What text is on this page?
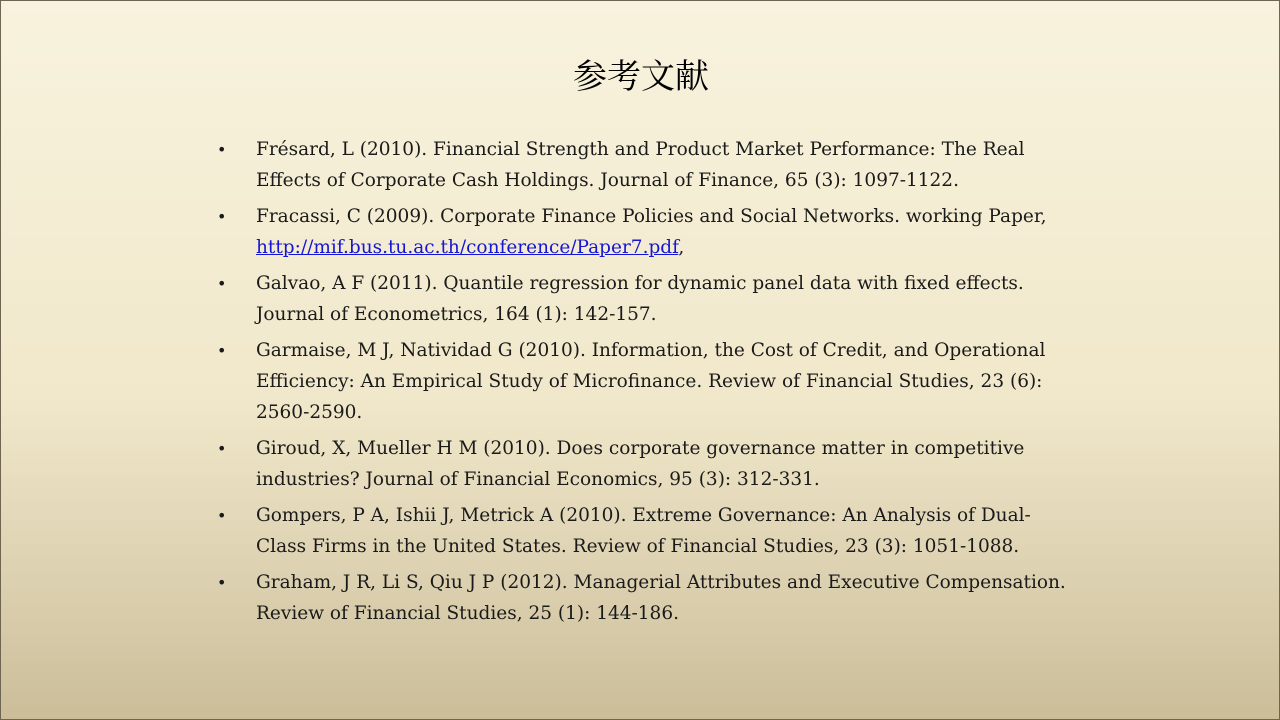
参考文献
• Frésard, L (2010). Financial Strength and Product Market Performance: The Real Effects of Corporate Cash Holdings. Journal of Finance, 65 (3): 1097-1122.
• Fracassi, C (2009). Corporate Finance Policies and Social Networks. working Paper, http://mif.bus.tu.ac.th/conference/Paper7.pdf,
• Galvao, A F (2011). Quantile regression for dynamic panel data with fixed effects. Journal of Econometrics, 164 (1): 142-157.
• Garmaise, M J, Natividad G (2010). Information, the Cost of Credit, and Operational Efficiency: An Empirical Study of Microfinance. Review of Financial Studies, 23 (6): 2560-2590.
• Giroud, X, Mueller H M (2010). Does corporate governance matter in competitive industries? Journal of Financial Economics, 95 (3): 312-331.
• Gompers, P A, Ishii J, Metrick A (2010). Extreme Governance: An Analysis of Dual-Class Firms in the United States. Review of Financial Studies, 23 (3): 1051-1088.
• Graham, J R, Li S, Qiu J P (2012). Managerial Attributes and Executive Compensation. Review of Financial Studies, 25 (1): 144-186.
